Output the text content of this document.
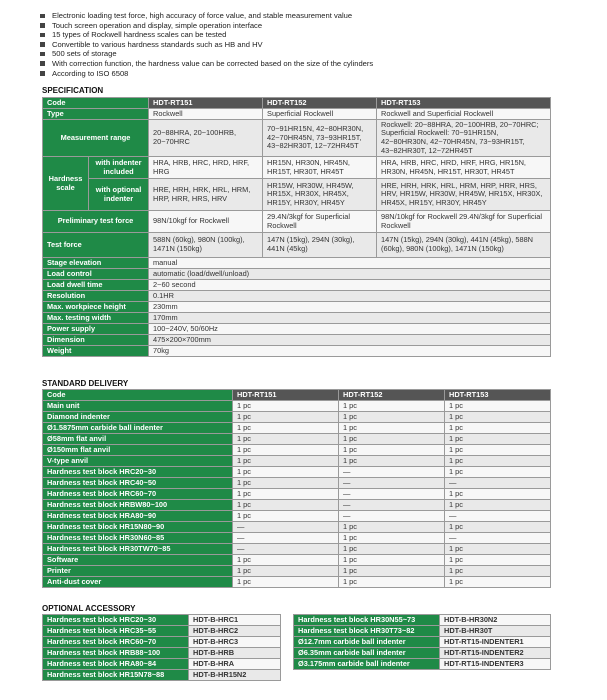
Electronic loading test force, high accuracy of force value, and stable measurement value
Touch screen operation and display, simple operation interface
15 types of Rockwell hardness scales can be tested
Convertible to various hardness standards such as HB and HV
500 sets of storage
With correction function, the hardness value can be corrected based on the size of the cylinders
According to ISO 6508
SPECIFICATION
Code		HDT-RT151	HDT-RT152	HDT-RT153
Type		Rockwell	Superficial Rockwell	Rockwell and Superficial Rockwell
Measurement range		20~88HRA, 20~100HRB, 20~70HRC	70~91HR15N, 42~80HR30N, 42~70HR45N, 73~93HR15T, 43~82HR30T, 12~72HR45T	Rockwell: 20~88HRA, 20~100HRB, 20~70HRC; Superficial Rockwell: 70~91HR15N, 42~80HR30N, 42~70HR45N, 73~93HR15T, 43~82HR30T, 12~72HR45T
Hardness scale	with indenter included	HRA, HRB, HRC, HRD, HRF, HRG	HR15N, HR30N, HR45N, HR15T, HR30T, HR45T	HRA, HRB, HRC, HRD, HRF, HRG, HR15N, HR30N, HR45N, HR15T, HR30T, HR45T
	with optional indenter	HRE, HRH, HRK, HRL, HRM, HRP, HRR, HRS, HRV	HR15W, HR30W, HR45W, HR15X, HR30X, HR45X, HR15Y, HR30Y, HR45Y	HRE, HRH, HRK, HRL, HRM, HRP, HRR, HRS, HRV, HR15W, HR30W, HR45W, HR15X, HR30X, HR45X, HR15Y, HR30Y, HR45Y
Preliminary test force		98N/10kgf for Rockwell	29.4N/3kgf for Superficial Rockwell	98N/10kgf for Rockwell 29.4N/3kgf for Superficial Rockwell
Test force		588N (60kg), 980N (100kg), 1471N (150kg)	147N (15kg), 294N (30kg), 441N (45kg)	147N (15kg), 294N (30kg), 441N (45kg), 588N (60kg), 980N (100kg), 1471N (150kg)
Stage elevation		manual		
Load control		automatic (load/dwell/unload)		
Load dwell time		2~60 second		
Resolution		0.1HR		
Max. workpiece height		230mm		
Max. testing width		170mm		
Power supply		100~240V, 50/60Hz		
Dimension		475×200×700mm		
Weight		70kg		
STANDARD DELIVERY
Code	HDT-RT151	HDT-RT152	HDT-RT153
Main unit	1 pc	1 pc	1 pc
Diamond indenter	1 pc	1 pc	1 pc
Ø1.5875mm carbide ball indenter	1 pc	1 pc	1 pc
Ø58mm flat anvil	1 pc	1 pc	1 pc
Ø150mm flat anvil	1 pc	1 pc	1 pc
V-type anvil	1 pc	1 pc	1 pc
Hardness test block HRC20~30	1 pc	—	1 pc
Hardness test block HRC40~50	1 pc	—	—
Hardness test block HRC60~70	1 pc	—	1 pc
Hardness test block HRBW80~100	1 pc	—	1 pc
Hardness test block HRA80~90	1 pc	—	—
Hardness test block HR15N80~90	—	1 pc	1 pc
Hardness test block HR30N60~85	—	1 pc	—
Hardness test block HR30TW70~85	—	1 pc	1 pc
Software	1 pc	1 pc	1 pc
Printer	1 pc	1 pc	1 pc
Anti-dust cover	1 pc	1 pc	1 pc
OPTIONAL ACCESSORY
Hardness test block HRC20~30	HDT-B-HRC1
Hardness test block HRC35~55	HDT-B-HRC2
Hardness test block HRC60~70	HDT-B-HRC3
Hardness test block HRB88~100	HDT-B-HRB
Hardness test block HRA80~84	HDT-B-HRA
Hardness test block HR15N78~88	HDT-B-HR15N2
Hardness test block HR30N55~73	HDT-B-HR30N2
Hardness test block HR30T73~82	HDT-B-HR30T
Ø12.7mm carbide ball indenter	HDT-RT15-INDENTER1
Ø6.35mm carbide ball indenter	HDT-RT15-INDENTER2
Ø3.175mm carbide ball indenter	HDT-RT15-INDENTER3
